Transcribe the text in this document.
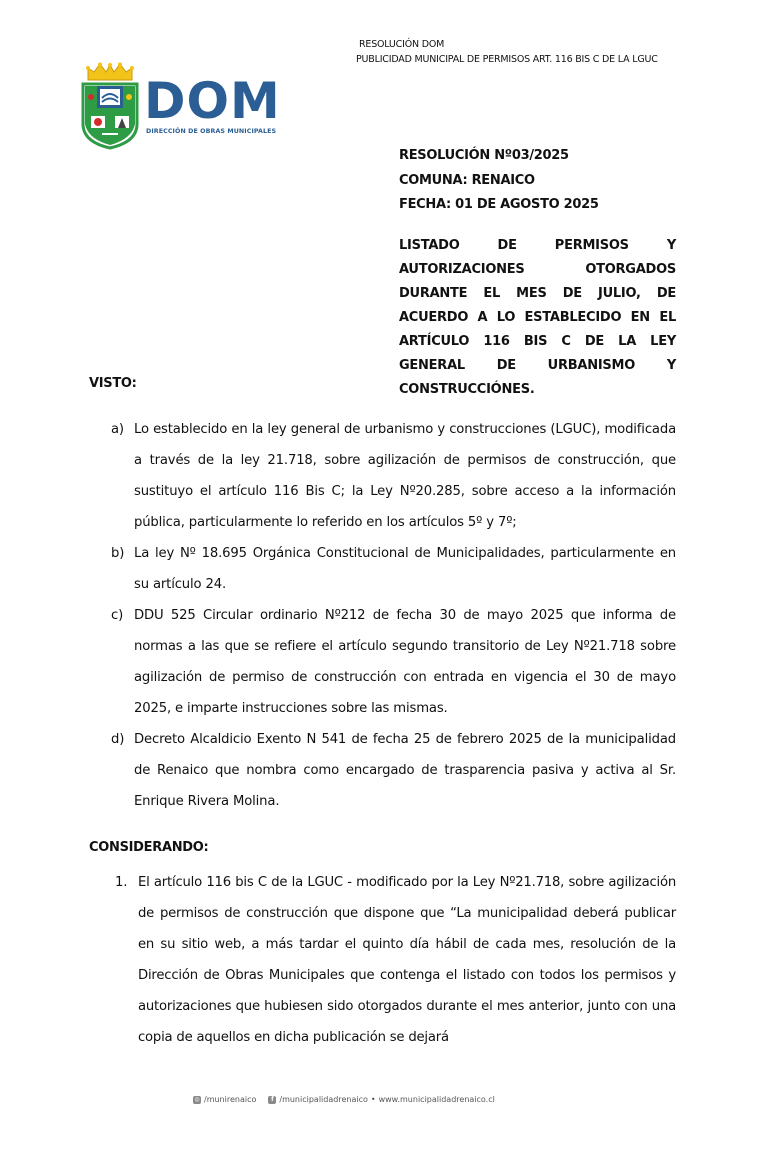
RESOLUCIÓN DOM
PUBLICIDAD MUNICIPAL DE PERMISOS ART. 116 BIS C DE LA LGUC
DOM
DIRECCIÓN DE OBRAS MUNICIPALES
RESOLUCIÓN Nº03/2025
COMUNA: RENAICO
FECHA: 01 DE AGOSTO 2025

LISTADO DE PERMISOS Y AUTORIZACIONES OTORGADOS DURANTE EL MES DE JULIO, DE ACUERDO A LO ESTABLECIDO EN EL ARTÍCULO 116 BIS C DE LA LEY GENERAL DE URBANISMO Y CONSTRUCCIÓNES.

VISTO:
a) Lo establecido en la ley general de urbanismo y construcciones (LGUC), modificada a través de la ley 21.718, sobre agilización de permisos de construcción, que sustituyo el artículo 116 Bis C; la Ley Nº20.285, sobre acceso a la información pública, particularmente lo referido en los artículos 5º y 7º;
b) La ley Nº 18.695 Orgánica Constitucional de Municipalidades, particularmente en su artículo 24.
c) DDU 525 Circular ordinario Nº212 de fecha 30 de mayo 2025 que informa de normas a las que se refiere el artículo segundo transitorio de Ley Nº21.718 sobre agilización de permiso de construcción con entrada en vigencia el 30 de mayo 2025, e imparte instrucciones sobre las mismas.
d) Decreto Alcaldicio Exento N 541 de fecha 25 de febrero 2025 de la municipalidad de Renaico que nombra como encargado de trasparencia pasiva y activa al Sr. Enrique Rivera Molina.
CONSIDERANDO:
1. El artículo 116 bis C de la LGUC - modificado por la Ley Nº21.718, sobre agilización de permisos de construcción que dispone que “La municipalidad deberá publicar en su sitio web, a más tardar el quinto día hábil de cada mes, resolución de la Dirección de Obras Municipales que contenga el listado con todos los permisos y autorizaciones que hubiesen sido otorgados durante el mes anterior, junto con una copia de aquellos en dicha publicación se dejará
◎ /munirenaico	f /municipalidadrenaico • www.municipalidadrenaico.cl
